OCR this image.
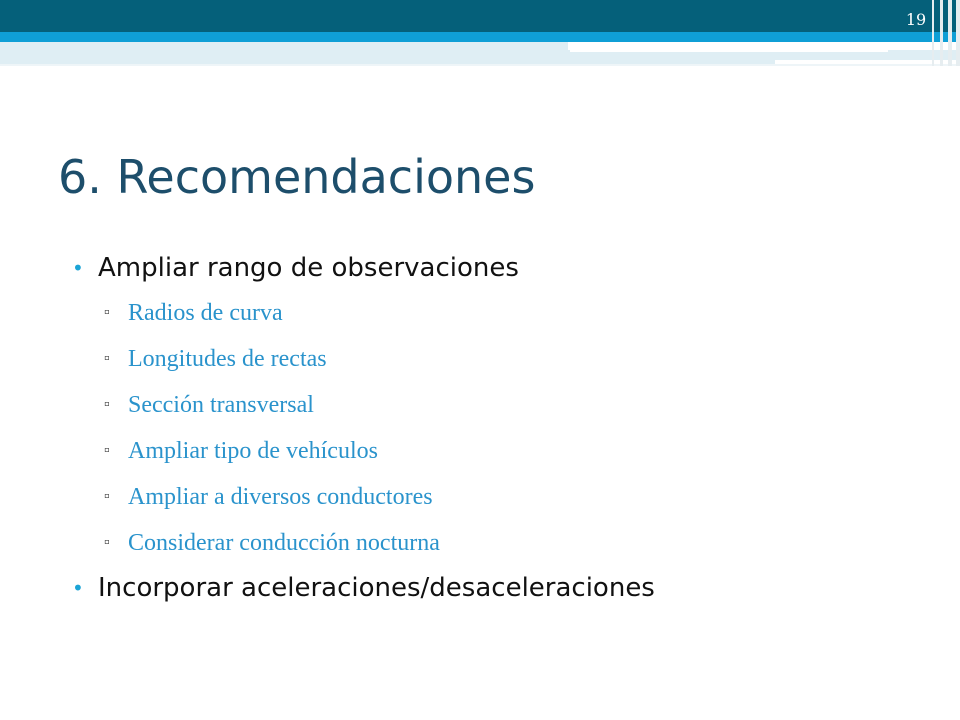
19
6. Recomendaciones
• Ampliar rango de observaciones
▫ Radios de curva
▫ Longitudes de rectas
▫ Sección transversal
▫ Ampliar tipo de vehículos
▫ Ampliar a diversos conductores
▫ Considerar conducción nocturna
• Incorporar aceleraciones/desaceleraciones
